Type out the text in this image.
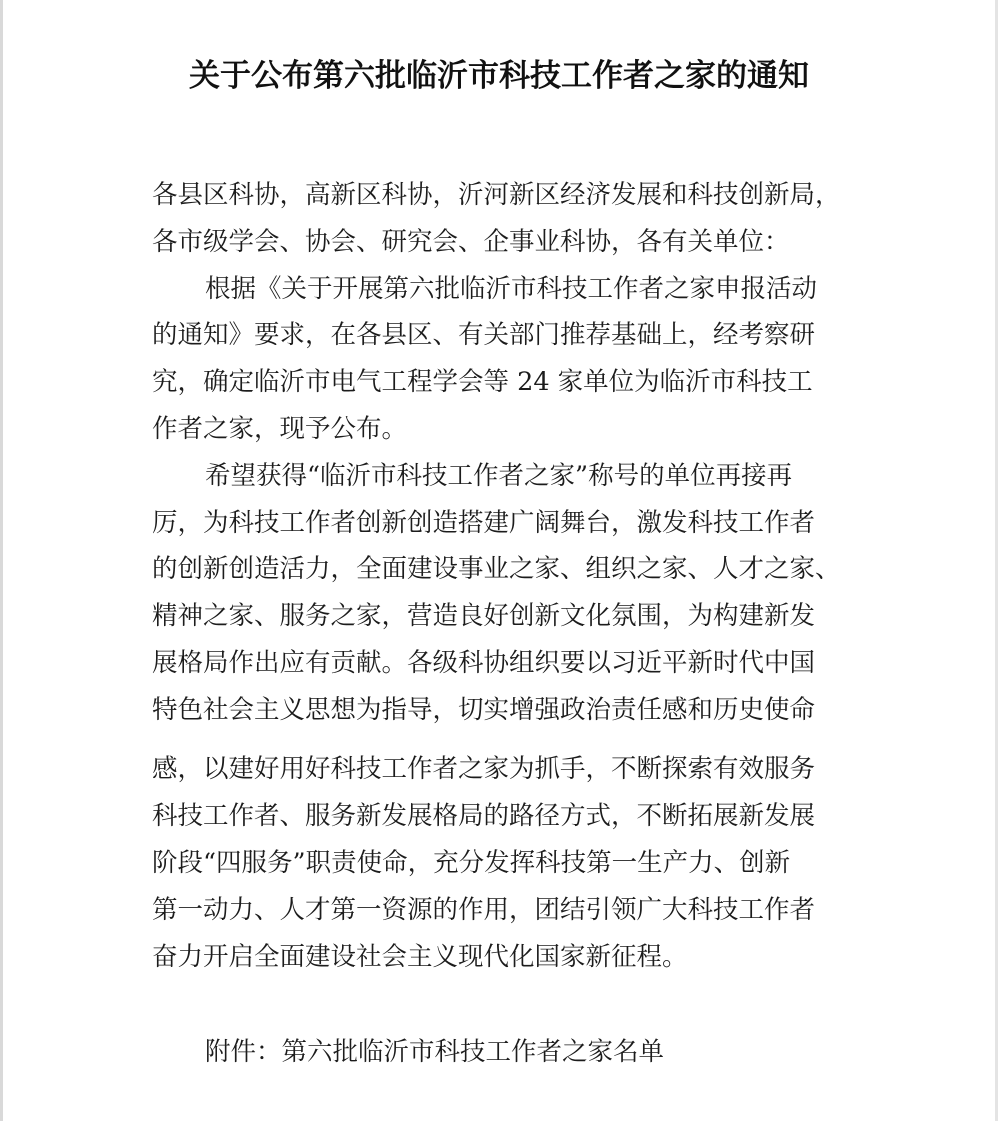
关于公布第六批临沂市科技工作者之家的通知
各县区科协，高新区科协，沂河新区经济发展和科技创新局，
各市级学会、协会、研究会、企事业科协，各有关单位：
根据《关于开展第六批临沂市科技工作者之家申报活动
的通知》要求，在各县区、有关部门推荐基础上，经考察研
究，确定临沂市电气工程学会等 24 家单位为临沂市科技工
作者之家，现予公布。
希望获得“临沂市科技工作者之家”称号的单位再接再
厉，为科技工作者创新创造搭建广阔舞台，激发科技工作者
的创新创造活力，全面建设事业之家、组织之家、人才之家、
精神之家、服务之家，营造良好创新文化氛围，为构建新发
展格局作出应有贡献。各级科协组织要以习近平新时代中国
特色社会主义思想为指导，切实增强政治责任感和历史使命
感，以建好用好科技工作者之家为抓手，不断探索有效服务
科技工作者、服务新发展格局的路径方式，不断拓展新发展
阶段“四服务”职责使命，充分发挥科技第一生产力、创新
第一动力、人才第一资源的作用，团结引领广大科技工作者
奋力开启全面建设社会主义现代化国家新征程。
附件：第六批临沂市科技工作者之家名单
